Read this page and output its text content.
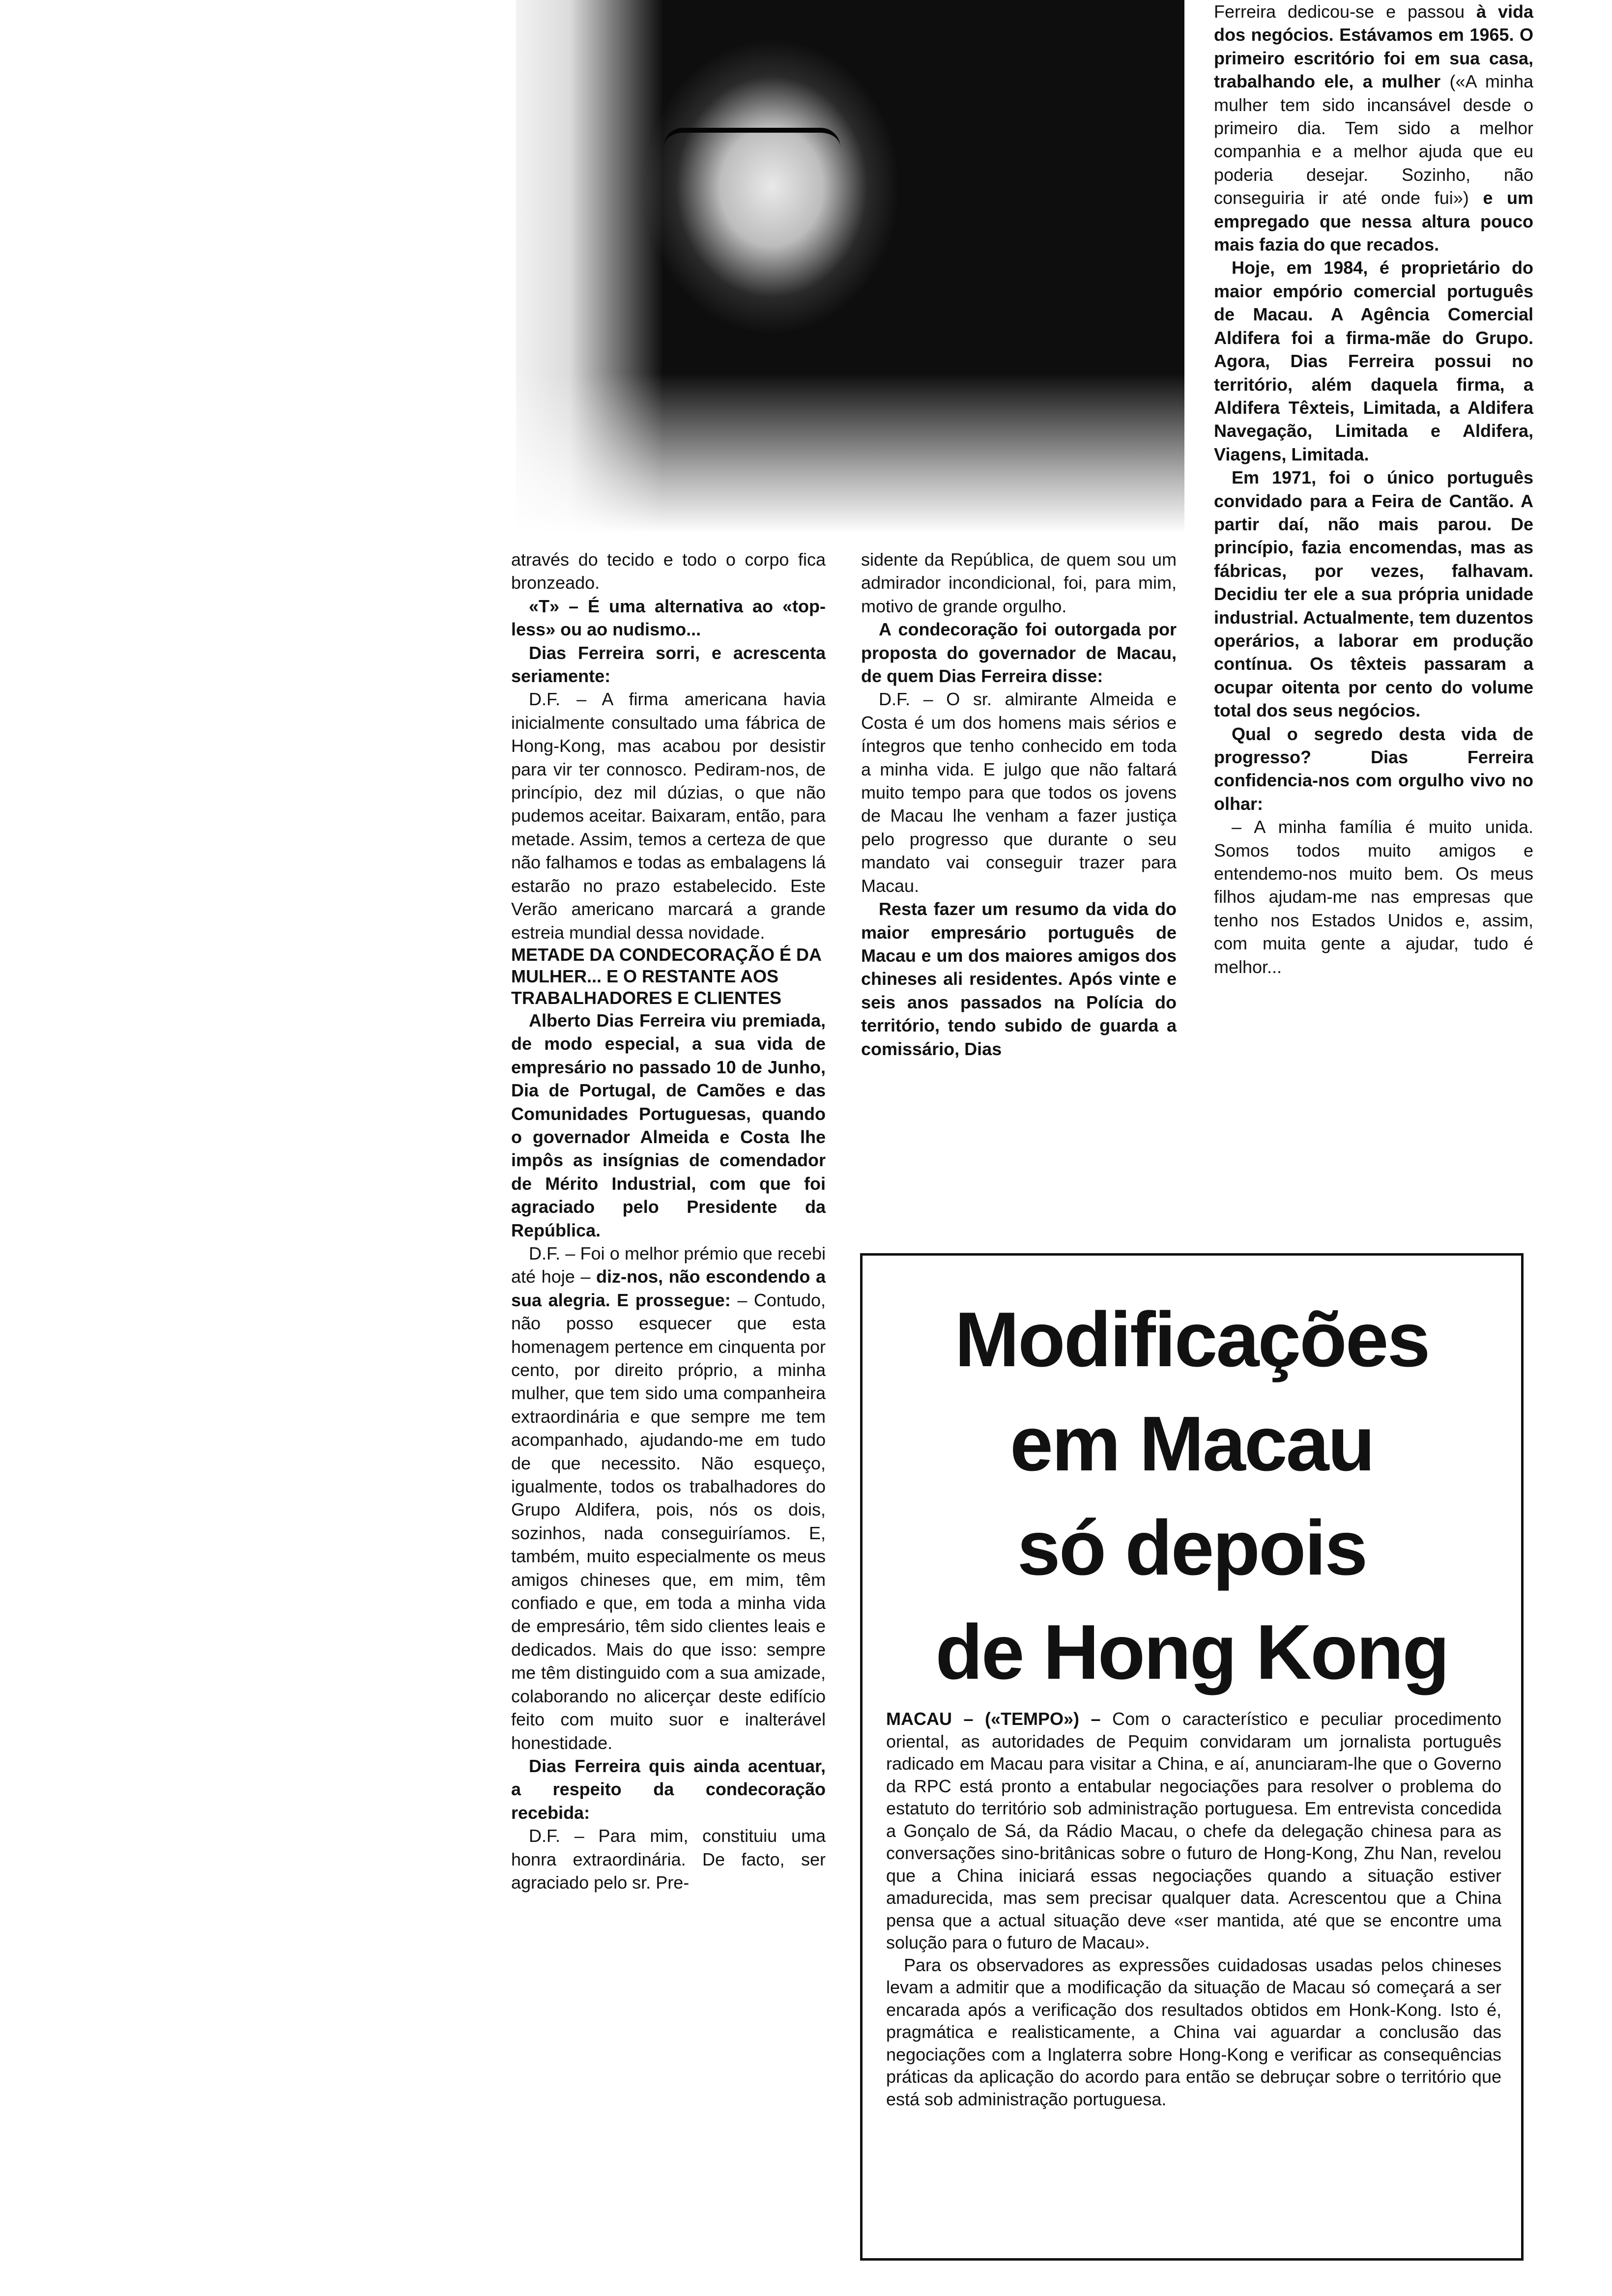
através do tecido e todo o corpo fica bronzeado.

«T» – É uma alternativa ao «top-less» ou ao nudismo...

Dias Ferreira sorri, e acrescenta seriamente:

D.F. – A firma americana havia inicialmente consultado uma fábrica de Hong-Kong, mas acabou por desistir para vir ter connosco. Pediram-nos, de princípio, dez mil dúzias, o que não pudemos aceitar. Baixaram, então, para metade. Assim, temos a certeza de que não falhamos e todas as embalagens lá estarão no prazo estabelecido. Este Verão americano marcará a grande estreia mundial dessa novidade.

METADE DA CONDECORAÇÃO É DA MULHER... E O RESTANTE AOS TRABALHADORES E CLIENTES

Alberto Dias Ferreira viu premiada, de modo especial, a sua vida de empresário no passado 10 de Junho, Dia de Portugal, de Camões e das Comunidades Portuguesas, quando o governador Almeida e Costa lhe impôs as insígnias de comendador de Mérito Industrial, com que foi agraciado pelo Presidente da República.

D.F. – Foi o melhor prémio que recebi até hoje – diz-nos, não escondendo a sua alegria. E prossegue: – Contudo, não posso esquecer que esta homenagem pertence em cinquenta por cento, por direito próprio, a minha mulher, que tem sido uma companheira extraordinária e que sempre me tem acompanhado, ajudando-me em tudo de que necessito. Não esqueço, igualmente, todos os trabalhadores do Grupo Aldifera, pois, nós os dois, sozinhos, nada conseguiríamos. E, também, muito especialmente os meus amigos chineses que, em mim, têm confiado e que, em toda a minha vida de empresário, têm sido clientes leais e dedicados. Mais do que isso: sempre me têm distinguido com a sua amizade, colaborando no alicerçar deste edifício feito com muito suor e inalterável honestidade.

Dias Ferreira quis ainda acentuar, a respeito da condecoração recebida:

D.F. – Para mim, constituiu uma honra extraordinária. De facto, ser agraciado pelo sr. Pre-

sidente da República, de quem sou um admirador incondicional, foi, para mim, motivo de grande orgulho.

A condecoração foi outorgada por proposta do governador de Macau, de quem Dias Ferreira disse:

D.F. – O sr. almirante Almeida e Costa é um dos homens mais sérios e íntegros que tenho conhecido em toda a minha vida. E julgo que não faltará muito tempo para que todos os jovens de Macau lhe venham a fazer justiça pelo progresso que durante o seu mandato vai conseguir trazer para Macau.

Resta fazer um resumo da vida do maior empresário português de Macau e um dos maiores amigos dos chineses ali residentes. Após vinte e seis anos passados na Polícia do território, tendo subido de guarda a comissário, Dias

Ferreira dedicou-se e passou à vida dos negócios. Estávamos em 1965. O primeiro escritório foi em sua casa, trabalhando ele, a mulher («A minha mulher tem sido incansável desde o primeiro dia. Tem sido a melhor companhia e a melhor ajuda que eu poderia desejar. Sozinho, não conseguiria ir até onde fui») e um empregado que nessa altura pouco mais fazia do que recados.

Hoje, em 1984, é proprietário do maior empório comercial português de Macau. A Agência Comercial Aldifera foi a firma-mãe do Grupo. Agora, Dias Ferreira possui no território, além daquela firma, a Aldifera Têxteis, Limitada, a Aldifera Navegação, Limitada e Aldifera, Viagens, Limitada.

Em 1971, foi o único português convidado para a Feira de Cantão. A partir daí, não mais parou. De princípio, fazia encomendas, mas as fábricas, por vezes, falhavam. Decidiu ter ele a sua própria unidade industrial. Actualmente, tem duzentos operários, a laborar em produção contínua. Os têxteis passaram a ocupar oitenta por cento do volume total dos seus negócios.

Qual o segredo desta vida de progresso? Dias Ferreira confidencia-nos com orgulho vivo no olhar:

– A minha família é muito unida. Somos todos muito amigos e entendemo-nos muito bem. Os meus filhos ajudam-me nas empresas que tenho nos Estados Unidos e, assim, com muita gente a ajudar, tudo é melhor...

Modificações
em Macau
só depois
de Hong Kong

MACAU – («TEMPO») – Com o característico e peculiar procedimento oriental, as autoridades de Pequim convidaram um jornalista português radicado em Macau para visitar a China, e aí, anunciaram-lhe que o Governo da RPC está pronto a entabular negociações para resolver o problema do estatuto do território sob administração portuguesa. Em entrevista concedida a Gonçalo de Sá, da Rádio Macau, o chefe da delegação chinesa para as conversações sino-britânicas sobre o futuro de Hong-Kong, Zhu Nan, revelou que a China iniciará essas negociações quando a situação estiver amadurecida, mas sem precisar qualquer data. Acrescentou que a China pensa que a actual situação deve «ser mantida, até que se encontre uma solução para o futuro de Macau».

Para os observadores as expressões cuidadosas usadas pelos chineses levam a admitir que a modificação da situação de Macau só começará a ser encarada após a verificação dos resultados obtidos em Honk-Kong. Isto é, pragmática e realisticamente, a China vai aguardar a conclusão das negociações com a Inglaterra sobre Hong-Kong e verificar as consequências práticas da aplicação do acordo para então se debruçar sobre o território que está sob administração portuguesa.
